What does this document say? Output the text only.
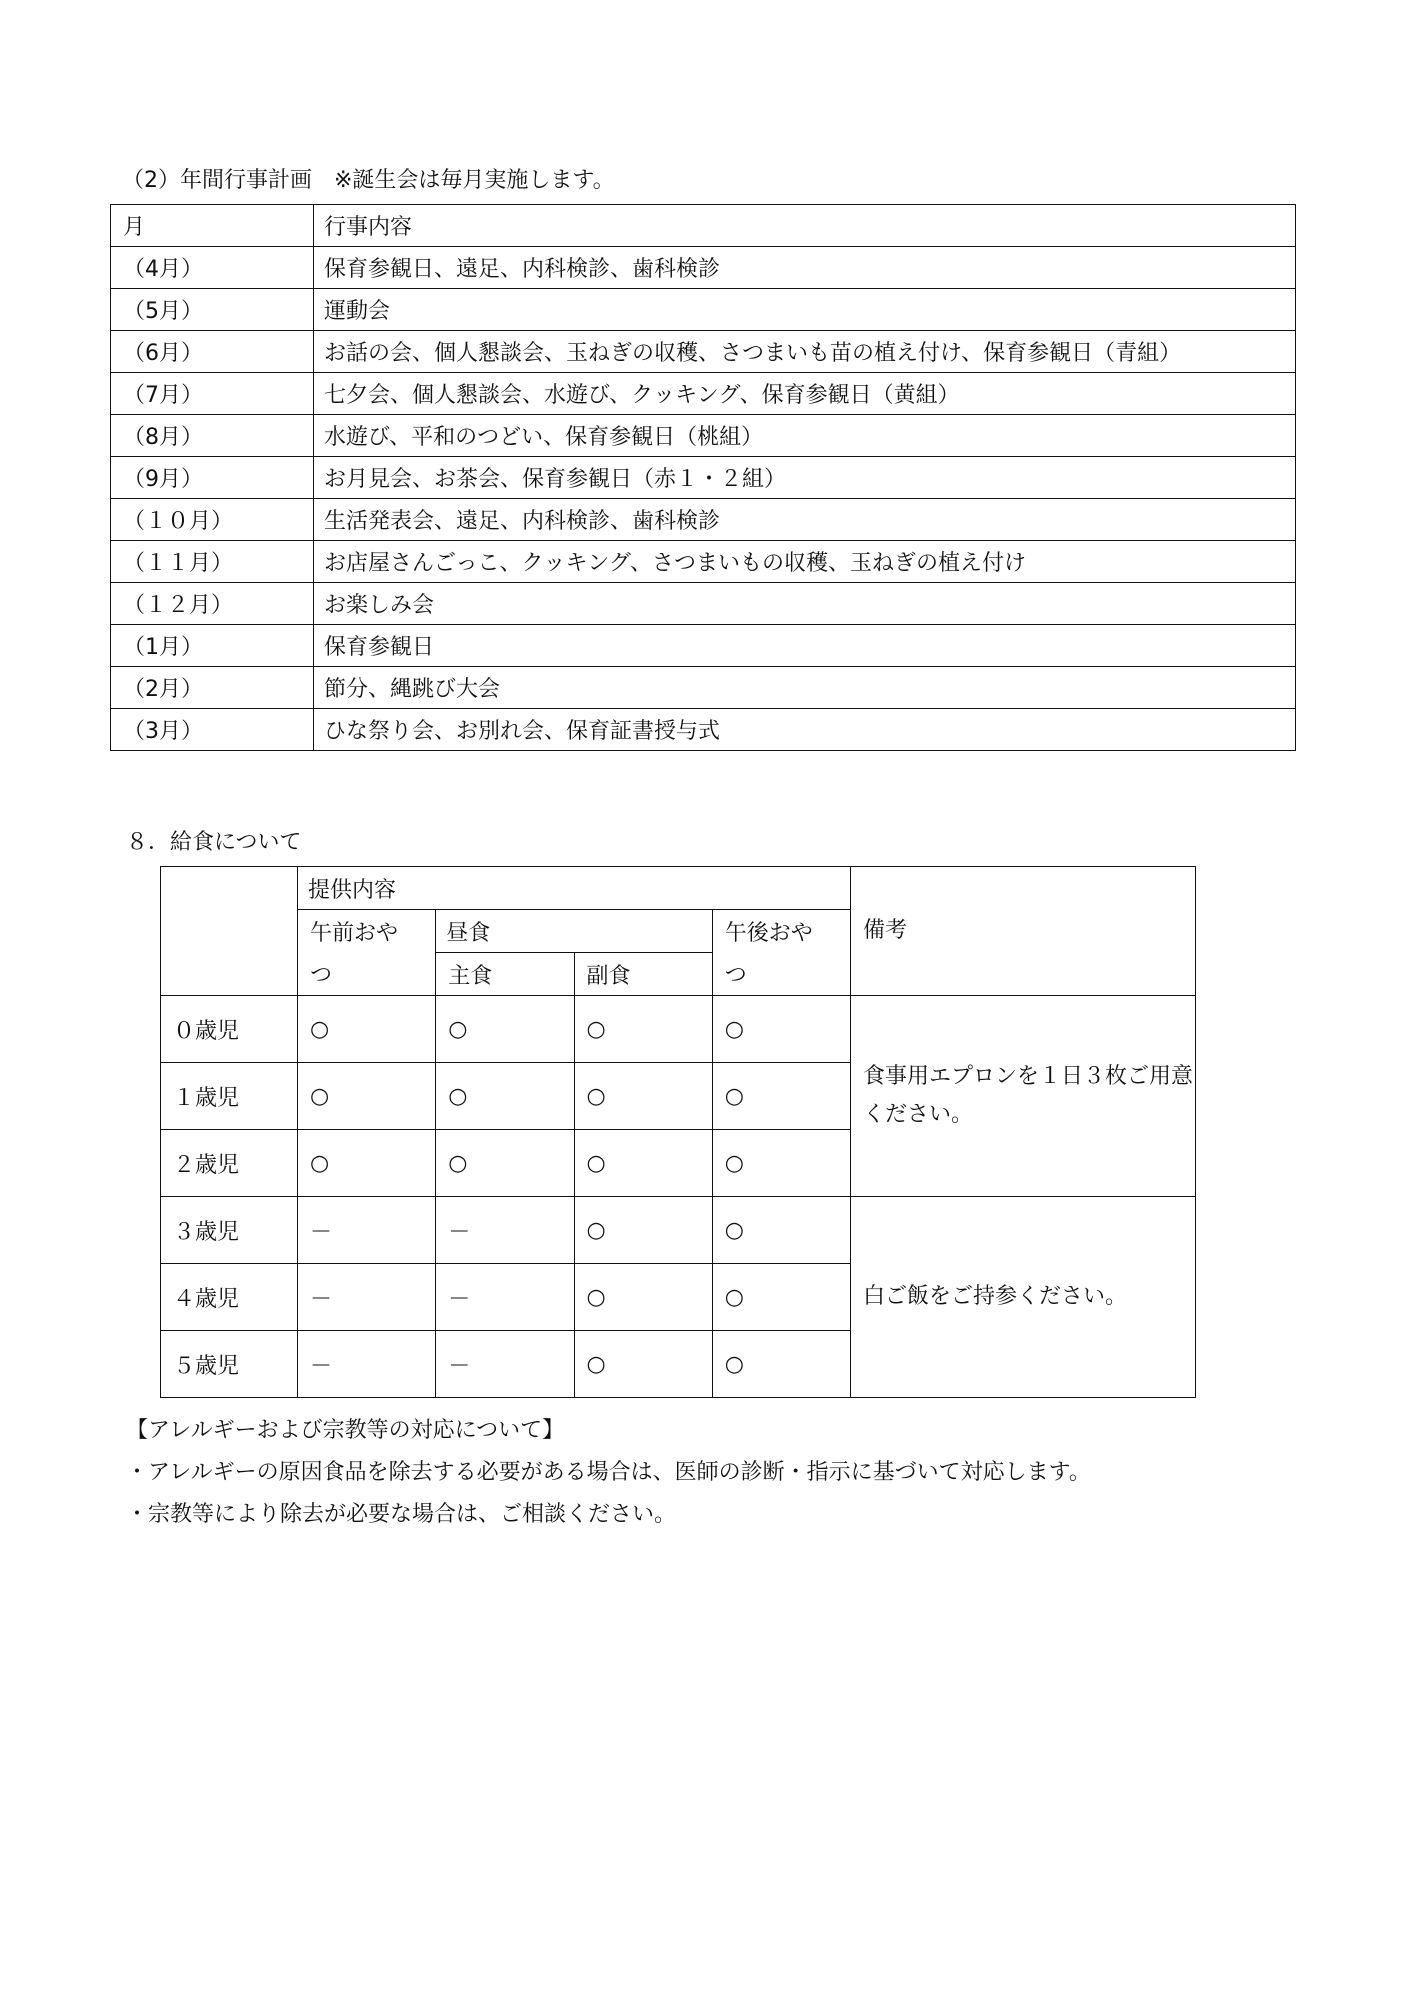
（2）年間行事計画　※誕生会は毎月実施します。
月	行事内容
（4月）	保育参観日、遠足、内科検診、歯科検診
（5月）	運動会
（6月）	お話の会、個人懇談会、玉ねぎの収穫、さつまいも苗の植え付け、保育参観日（青組）
（7月）	七夕会、個人懇談会、水遊び、クッキング、保育参観日（黄組）
（8月）	水遊び、平和のつどい、保育参観日（桃組）
（9月）	お月見会、お茶会、保育参観日（赤１・２組）
（１０月）	生活発表会、遠足、内科検診、歯科検診
（１１月）	お店屋さんごっこ、クッキング、さつまいもの収穫、玉ねぎの植え付け
（１２月）	お楽しみ会
（1月）	保育参観日
（2月）	節分、縄跳び大会
（3月）	ひな祭り会、お別れ会、保育証書授与式
８．給食について
	提供内容				備考
	午前おや	昼食		午後おや	
	つ	主食	副食	つ	
０歳児	○	○	○	○	食事用エプロンを１日３枚ご用意ください。
１歳児	○	○	○	○	
２歳児	○	○	○	○	
３歳児	－	－	○	○	白ご飯をご持参ください。
４歳児	－	－	○	○	
５歳児	－	－	○	○	
【アレルギーおよび宗教等の対応について】
・アレルギーの原因食品を除去する必要がある場合は、医師の診断・指示に基づいて対応します。
・宗教等により除去が必要な場合は、ご相談ください。
